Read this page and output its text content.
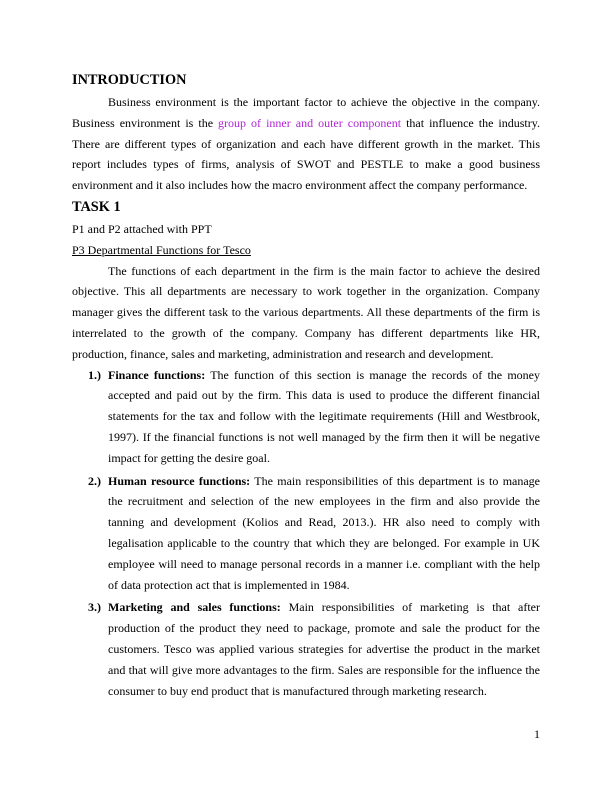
INTRODUCTION

Business environment is the important factor to achieve the objective in the company. Business environment is the group of inner and outer component that influence the industry. There are different types of organization and each have different growth in the market. This report includes types of firms, analysis of SWOT and PESTLE to make a good business environment and it also includes how the macro environment affect the company performance.

TASK 1

P1 and P2 attached with PPT

P3 Departmental Functions for Tesco

The functions of each department in the firm is the main factor to achieve the desired objective. This all departments are necessary to work together in the organization. Company manager gives the different task to the various departments. All these departments of the firm is interrelated to the growth of the company. Company has different departments like HR, production, finance, sales and marketing, administration and research and development.

1.) Finance functions: The function of this section is manage the records of the money accepted and paid out by the firm. This data is used to produce the different financial statements for the tax and follow with the legitimate requirements (Hill and Westbrook, 1997). If the financial functions is not well managed by the firm then it will be negative impact for getting the desire goal.
2.) Human resource functions: The main responsibilities of this department is to manage the recruitment and selection of the new employees in the firm and also provide the tanning and development (Kolios and Read, 2013.). HR also need to comply with legalisation applicable to the country that which they are belonged. For example in UK employee will need to manage personal records in a manner i.e. compliant with the help of data protection act that is implemented in 1984.
3.) Marketing and sales functions: Main responsibilities of marketing is that after production of the product they need to package, promote and sale the product for the customers. Tesco was applied various strategies for advertise the product in the market and that will give more advantages to the firm. Sales are responsible for the influence the consumer to buy end product that is manufactured through marketing research.
1
